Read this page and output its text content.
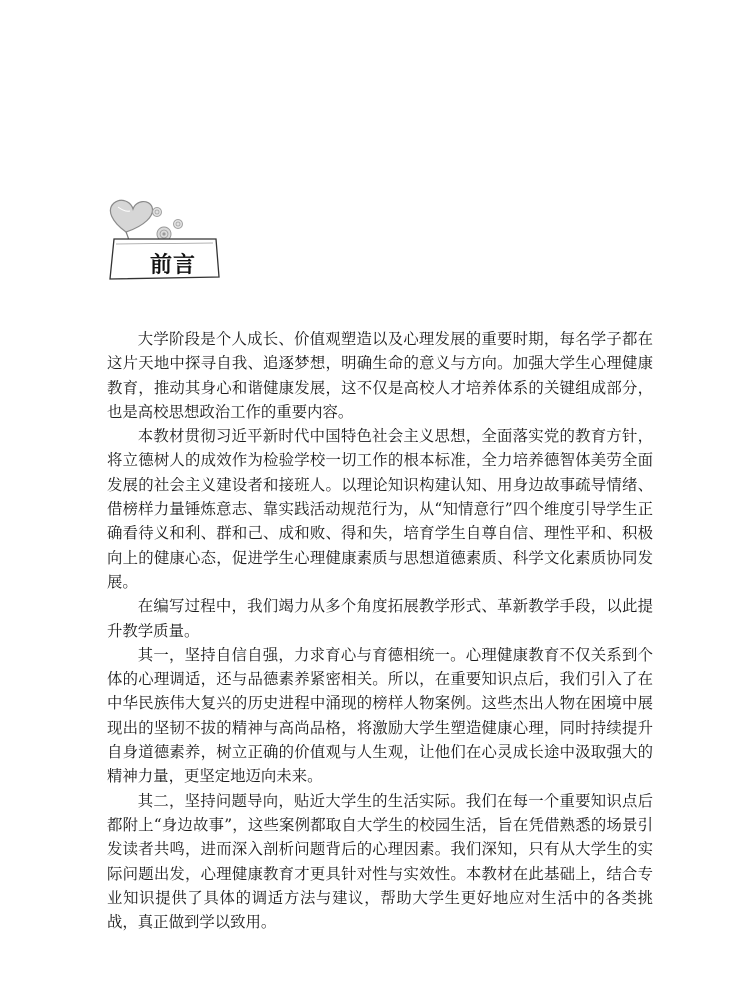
前言

大学阶段是个人成长、价值观塑造以及心理发展的重要时期，每名学子都在这片天地中探寻自我、追逐梦想，明确生命的意义与方向。加强大学生心理健康教育，推动其身心和谐健康发展，这不仅是高校人才培养体系的关键组成部分，也是高校思想政治工作的重要内容。

本教材贯彻习近平新时代中国特色社会主义思想，全面落实党的教育方针，将立德树人的成效作为检验学校一切工作的根本标准，全力培养德智体美劳全面发展的社会主义建设者和接班人。以理论知识构建认知、用身边故事疏导情绪、借榜样力量锤炼意志、靠实践活动规范行为，从“知情意行”四个维度引导学生正确看待义和利、群和己、成和败、得和失，培育学生自尊自信、理性平和、积极向上的健康心态，促进学生心理健康素质与思想道德素质、科学文化素质协同发展。

在编写过程中，我们竭力从多个角度拓展教学形式、革新教学手段，以此提升教学质量。

其一，坚持自信自强，力求育心与育德相统一。心理健康教育不仅关系到个体的心理调适，还与品德素养紧密相关。所以，在重要知识点后，我们引入了在中华民族伟大复兴的历史进程中涌现的榜样人物案例。这些杰出人物在困境中展现出的坚韧不拔的精神与高尚品格，将激励大学生塑造健康心理，同时持续提升自身道德素养，树立正确的价值观与人生观，让他们在心灵成长途中汲取强大的精神力量，更坚定地迈向未来。

其二，坚持问题导向，贴近大学生的生活实际。我们在每一个重要知识点后都附上“身边故事”，这些案例都取自大学生的校园生活，旨在凭借熟悉的场景引发读者共鸣，进而深入剖析问题背后的心理因素。我们深知，只有从大学生的实际问题出发，心理健康教育才更具针对性与实效性。本教材在此基础上，结合专业知识提供了具体的调适方法与建议，帮助大学生更好地应对生活中的各类挑战，真正做到学以致用。
